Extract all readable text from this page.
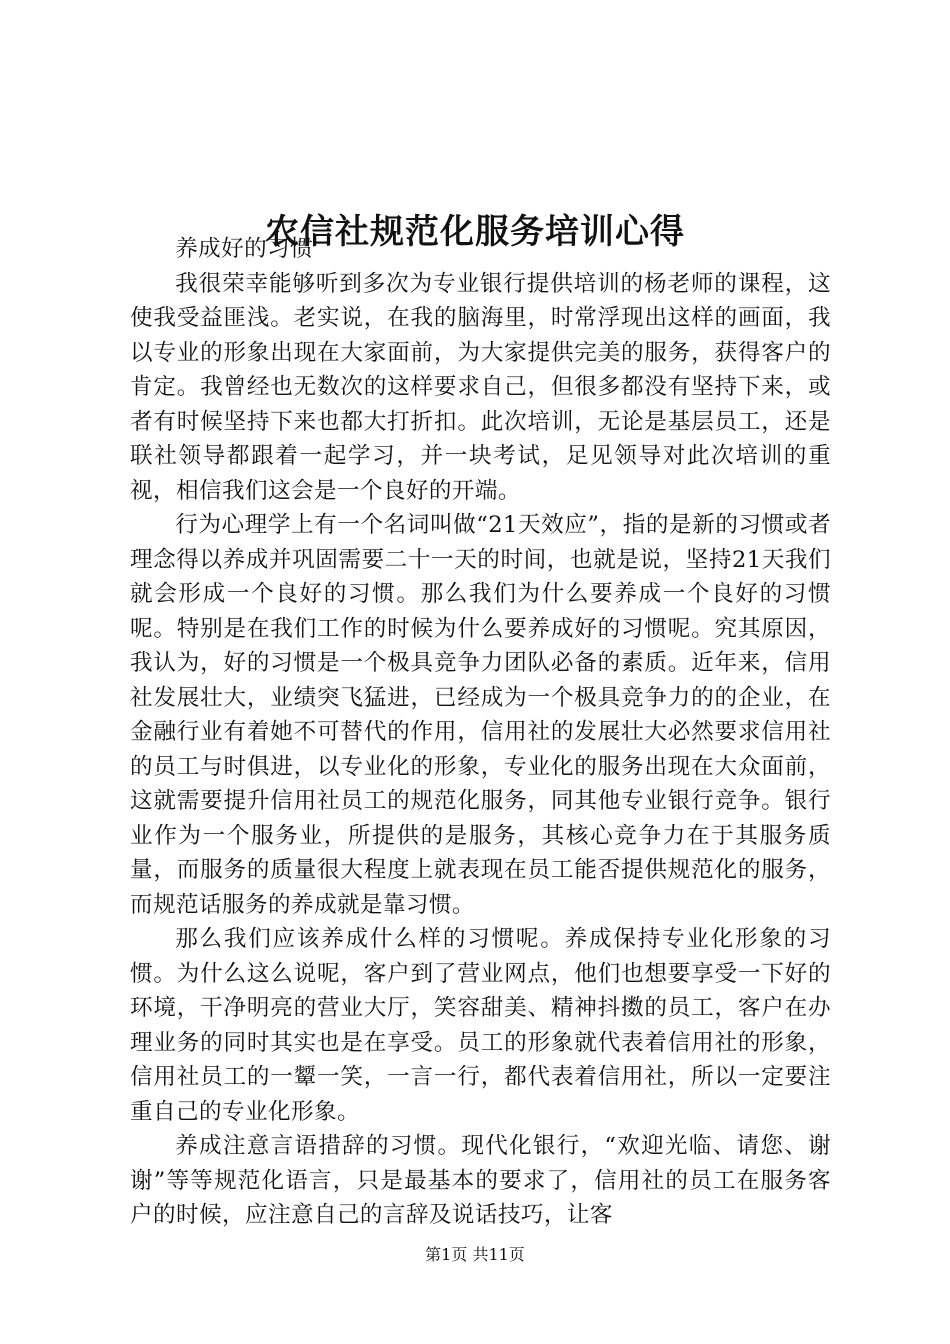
农信社规范化服务培训心得

养成好的习惯

我很荣幸能够听到多次为专业银行提供培训的杨老师的课程，这使我受益匪浅。老实说，在我的脑海里，时常浮现出这样的画面，我以专业的形象出现在大家面前，为大家提供完美的服务，获得客户的肯定。我曾经也无数次的这样要求自己，但很多都没有坚持下来，或者有时候坚持下来也都大打折扣。此次培训，无论是基层员工，还是联社领导都跟着一起学习，并一块考试，足见领导对此次培训的重视，相信我们这会是一个良好的开端。

行为心理学上有一个名词叫做“21天效应”，指的是新的习惯或者理念得以养成并巩固需要二十一天的时间，也就是说，坚持21天我们就会形成一个良好的习惯。那么我们为什么要养成一个良好的习惯呢。特别是在我们工作的时候为什么要养成好的习惯呢。究其原因，我认为，好的习惯是一个极具竞争力团队必备的素质。近年来，信用社发展壮大，业绩突飞猛进，已经成为一个极具竞争力的的企业，在金融行业有着她不可替代的作用，信用社的发展壮大必然要求信用社的员工与时俱进，以专业化的形象，专业化的服务出现在大众面前，这就需要提升信用社员工的规范化服务，同其他专业银行竞争。银行业作为一个服务业，所提供的是服务，其核心竞争力在于其服务质量，而服务的质量很大程度上就表现在员工能否提供规范化的服务，而规范话服务的养成就是靠习惯。

那么我们应该养成什么样的习惯呢。养成保持专业化形象的习惯。为什么这么说呢，客户到了营业网点，他们也想要享受一下好的环境，干净明亮的营业大厅，笑容甜美、精神抖擞的员工，客户在办理业务的同时其实也是在享受。员工的形象就代表着信用社的形象，信用社员工的一颦一笑，一言一行，都代表着信用社，所以一定要注重自己的专业化形象。

养成注意言语措辞的习惯。现代化银行，“欢迎光临、请您、谢谢”等等规范化语言，只是最基本的要求了，信用社的员工在服务客户的时候，应注意自己的言辞及说话技巧，让客

第1页 共11页
